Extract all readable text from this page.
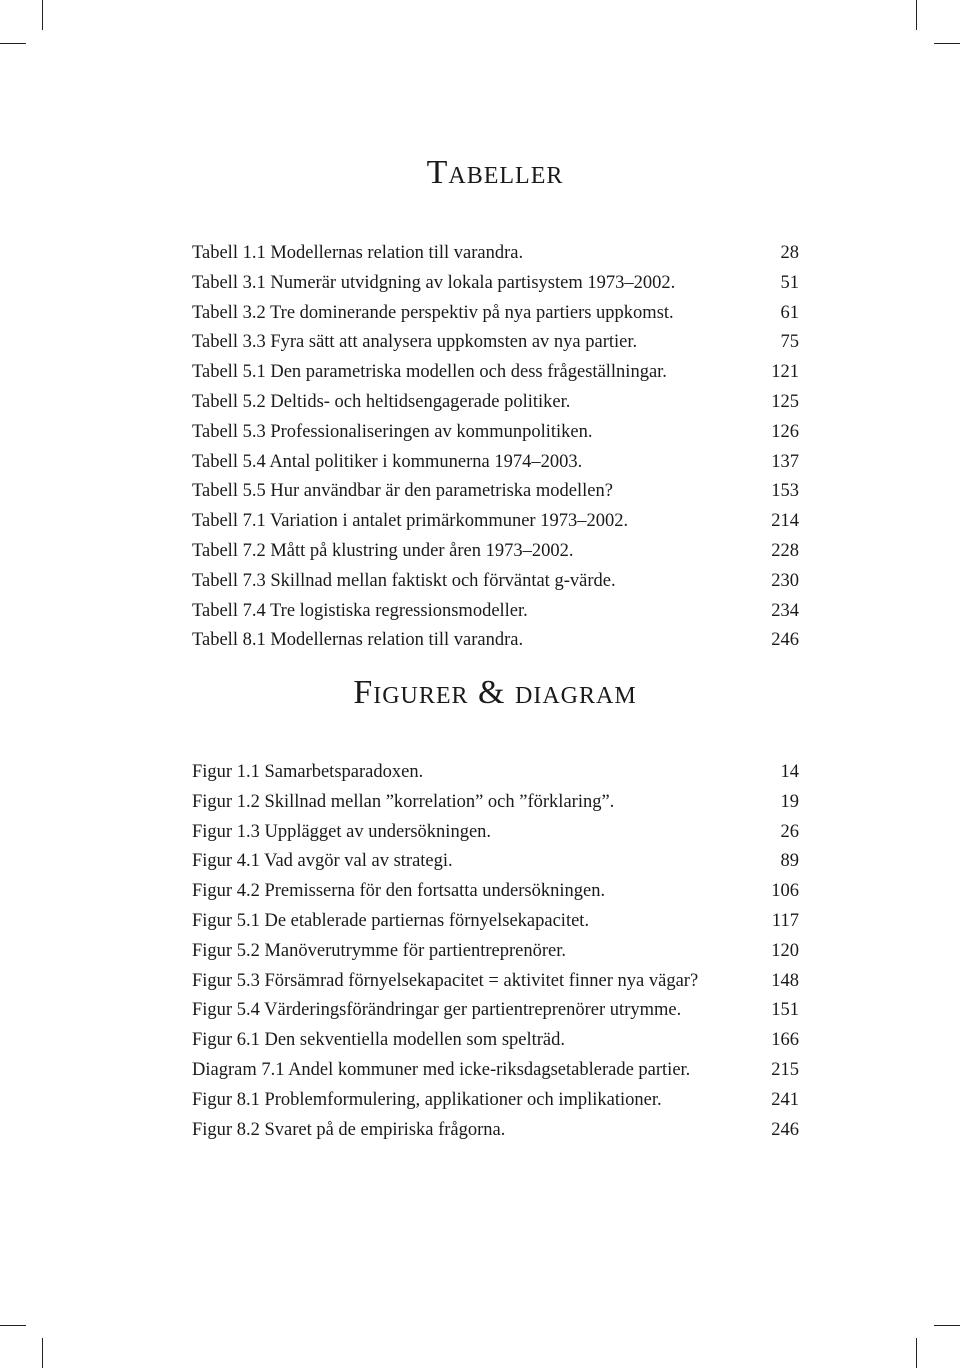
Tabeller
Tabell 1.1 Modellernas relation till varandra.	28
Tabell 3.1 Numerär utvidgning av lokala partisystem 1973–2002.	51
Tabell 3.2 Tre dominerande perspektiv på nya partiers uppkomst.	61
Tabell 3.3 Fyra sätt att analysera uppkomsten av nya partier.	75
Tabell 5.1 Den parametriska modellen och dess frågeställningar.	121
Tabell 5.2 Deltids- och heltidsengagerade politiker.	125
Tabell 5.3 Professionaliseringen av kommunpolitiken.	126
Tabell 5.4 Antal politiker i kommunerna 1974–2003.	137
Tabell 5.5 Hur användbar är den parametriska modellen?	153
Tabell 7.1 Variation i antalet primärkommuner 1973–2002.	214
Tabell 7.2 Mått på klustring under åren 1973–2002.	228
Tabell 7.3 Skillnad mellan faktiskt och förväntat g-värde.	230
Tabell 7.4 Tre logistiska regressionsmodeller.	234
Tabell 8.1 Modellernas relation till varandra.	246
Figurer & diagram
Figur 1.1 Samarbetsparadoxen.	14
Figur 1.2 Skillnad mellan ”korrelation” och ”förklaring”.	19
Figur 1.3 Upplägget av undersökningen.	26
Figur 4.1 Vad avgör val av strategi.	89
Figur 4.2 Premisserna för den fortsatta undersökningen.	106
Figur 5.1 De etablerade partiernas förnyelsekapacitet.	117
Figur 5.2 Manöverutrymme för partientreprenörer.	120
Figur 5.3 Försämrad förnyelsekapacitet = aktivitet finner nya vägar?	148
Figur 5.4 Värderingsförändringar ger partientreprenörer utrymme.	151
Figur 6.1 Den sekventiella modellen som spelträd.	166
Diagram 7.1 Andel kommuner med icke-riksdagsetablerade partier.	215
Figur 8.1 Problemformulering, applikationer och implikationer.	241
Figur 8.2 Svaret på de empiriska frågorna.	246
